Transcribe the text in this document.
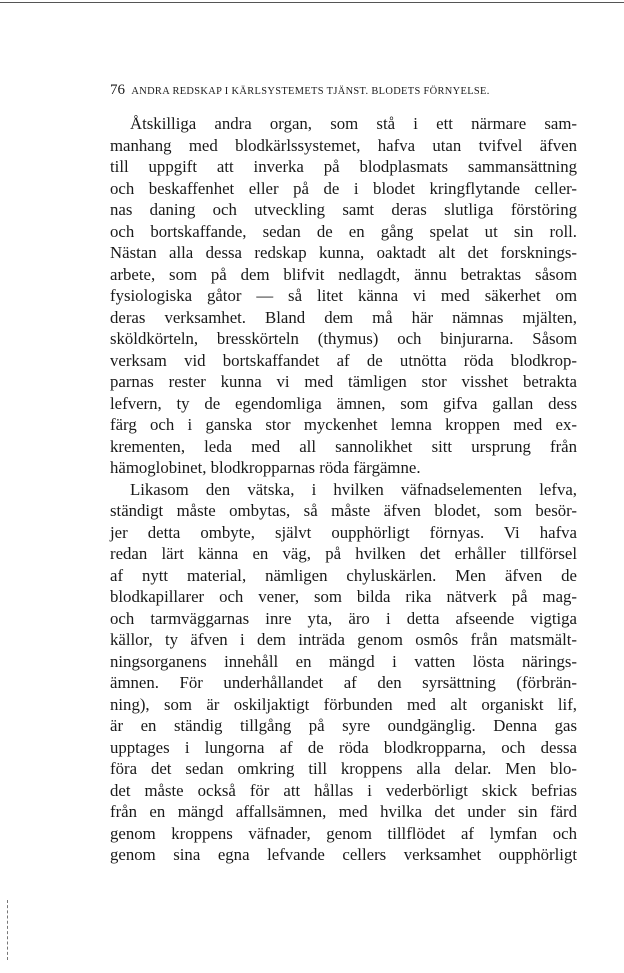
76 ANDRA REDSKAP I KÄRLSYSTEMETS TJÄNST. BLODETS FÖRNYELSE.
Åtskilliga andra organ, som stå i ett närmare sam-
manhang med blodkärlssystemet, hafva utan tvifvel äfven
till uppgift att inverka på blodplasmats sammansättning
och beskaffenhet eller på de i blodet kringflytande celler-
nas daning och utveckling samt deras slutliga förstöring
och bortskaffande, sedan de en gång spelat ut sin roll.
Nästan alla dessa redskap kunna, oaktadt alt det forsknings-
arbete, som på dem blifvit nedlagdt, ännu betraktas såsom
fysiologiska gåtor — så litet känna vi med säkerhet om
deras verksamhet. Bland dem må här nämnas mjälten,
sköldkörteln, bresskörteln (thymus) och binjurarna. Såsom
verksam vid bortskaffandet af de utnötta röda blodkrop-
parnas rester kunna vi med tämligen stor visshet betrakta
lefvern, ty de egendomliga ämnen, som gifva gallan dess
färg och i ganska stor myckenhet lemna kroppen med ex-
krementen, leda med all sannolikhet sitt ursprung från
hämoglobinet, blodkropparnas röda färgämne.
Likasom den vätska, i hvilken väfnadselementen lefva,
ständigt måste ombytas, så måste äfven blodet, som besör-
jer detta ombyte, självt oupphörligt förnyas. Vi hafva
redan lärt känna en väg, på hvilken det erhåller tillförsel
af nytt material, nämligen chyluskärlen. Men äfven de
blodkapillarer och vener, som bilda rika nätverk på mag-
och tarmväggarnas inre yta, äro i detta afseende vigtiga
källor, ty äfven i dem inträda genom osmôs från matsmält-
ningsorganens innehåll en mängd i vatten lösta närings-
ämnen. För underhållandet af den syrsättning (förbrän-
ning), som är oskiljaktigt förbunden med alt organiskt lif,
är en ständig tillgång på syre oundgänglig. Denna gas
upptages i lungorna af de röda blodkropparna, och dessa
föra det sedan omkring till kroppens alla delar. Men blo-
det måste också för att hållas i vederbörligt skick befrias
från en mängd affallsämnen, med hvilka det under sin färd
genom kroppens väfnader, genom tillflödet af lymfan och
genom sina egna lefvande cellers verksamhet oupphörligt
